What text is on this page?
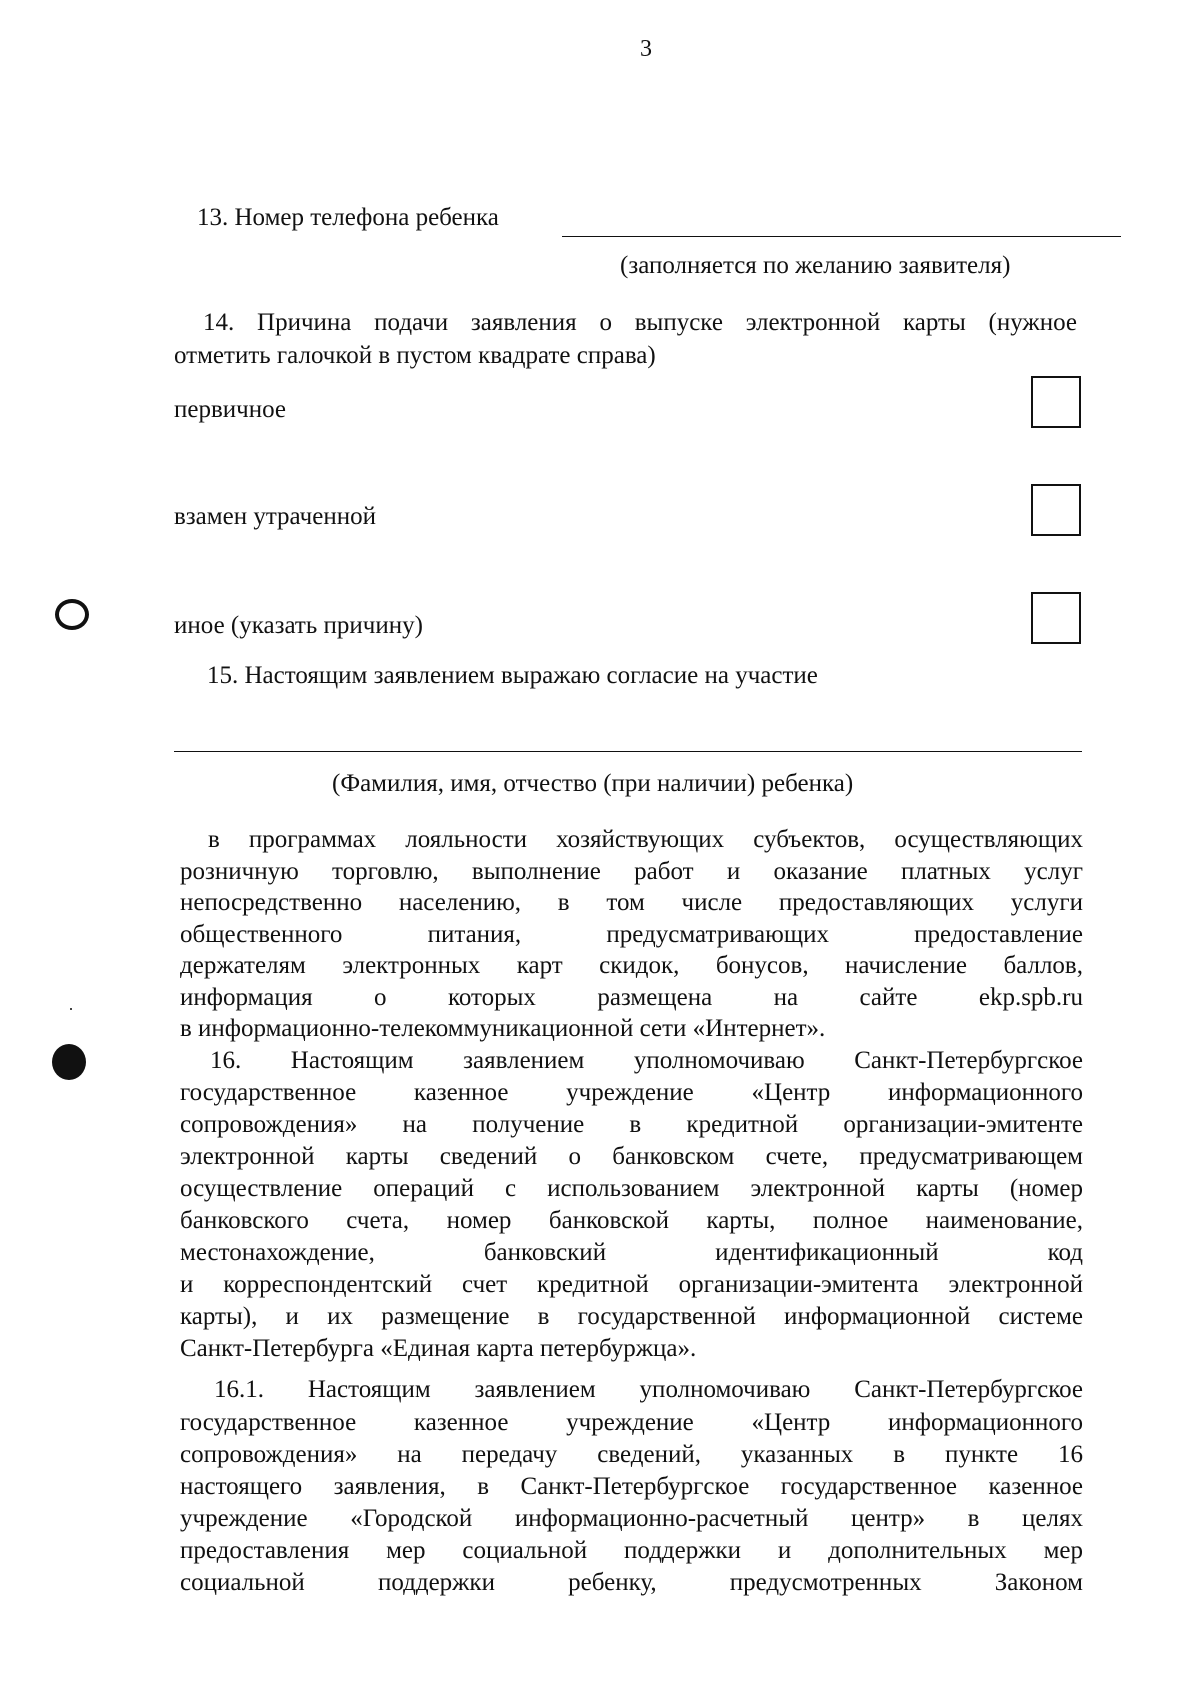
3
13. Номер телефона ребенка
(заполняется по желанию заявителя)
14. Причина подачи заявления о выпуске электронной карты (нужное
отметить галочкой в пустом квадрате справа)
первичное
взамен утраченной
иное (указать причину)
15. Настоящим заявлением выражаю согласие на участие
(Фамилия, имя, отчество (при наличии) ребенка)
в программах лояльности хозяйствующих субъектов, осуществляющих
розничную торговлю, выполнение работ и оказание платных услуг
непосредственно населению, в том числе предоставляющих услуги
общественного питания, предусматривающих предоставление
держателям электронных карт скидок, бонусов, начисление баллов,
информация о которых размещена на сайте ekp.spb.ru
в информационно-телекоммуникационной сети «Интернет».
16. Настоящим заявлением уполномочиваю Санкт-Петербургское
государственное казенное учреждение «Центр информационного
сопровождения» на получение в кредитной организации-эмитенте
электронной карты сведений о банковском счете, предусматривающем
осуществление операций с использованием электронной карты (номер
банковского счета, номер банковской карты, полное наименование,
местонахождение, банковский идентификационный код
и корреспондентский счет кредитной организации-эмитента электронной
карты), и их размещение в государственной информационной системе
Санкт-Петербурга «Единая карта петербуржца».
16.1. Настоящим заявлением уполномочиваю Санкт-Петербургское
государственное казенное учреждение «Центр информационного
сопровождения» на передачу сведений, указанных в пункте 16
настоящего заявления, в Санкт-Петербургское государственное казенное
учреждение «Городской информационно-расчетный центр» в целях
предоставления мер социальной поддержки и дополнительных мер
социальной поддержки ребенку, предусмотренных Законом
